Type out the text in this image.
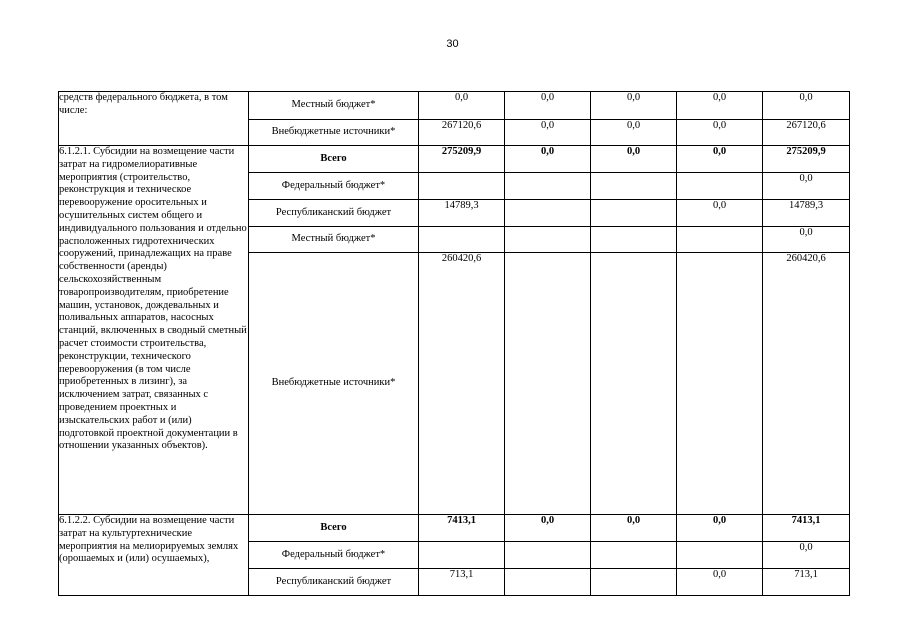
30
средств федерального бюджета, в том числе:	Местный бюджет*	0,0	0,0	0,0	0,0	0,0
	Внебюджетные источники*	267120,6	0,0	0,0	0,0	267120,6
6.1.2.1. Субсидии на возмещение части затрат на гидромелиоративные мероприятия (строительство, реконструкция и техническое перевооружение оросительных и осушительных систем общего и индивидуального пользования и отдельно расположенных гидротехнических сооружений, принадлежащих на праве собственности (аренды) сельскохозяйственным товаропроизводителям, приобретение машин, установок, дождевальных и поливальных аппаратов, насосных станций, включенных в сводный сметный расчет стоимости строительства, реконструкции, технического перевооружения (в том числе приобретенных в лизинг), за исключением затрат, связанных с проведением проектных и изыскательских работ и (или) подготовкой проектной документации в отношении указанных объектов).	Всего	275209,9	0,0	0,0	0,0	275209,9
	Федеральный бюджет*					0,0
	Республиканский бюджет	14789,3			0,0	14789,3
	Местный бюджет*					0,0
	Внебюджетные источники*	260420,6				260420,6
6.1.2.2. Субсидии на возмещение части затрат на культуртехнические мероприятия на мелиорируемых землях (орошаемых и (или) осушаемых),	Всего	7413,1	0,0	0,0	0,0	7413,1
	Федеральный бюджет*					0,0
	Республиканский бюджет	713,1			0,0	713,1
